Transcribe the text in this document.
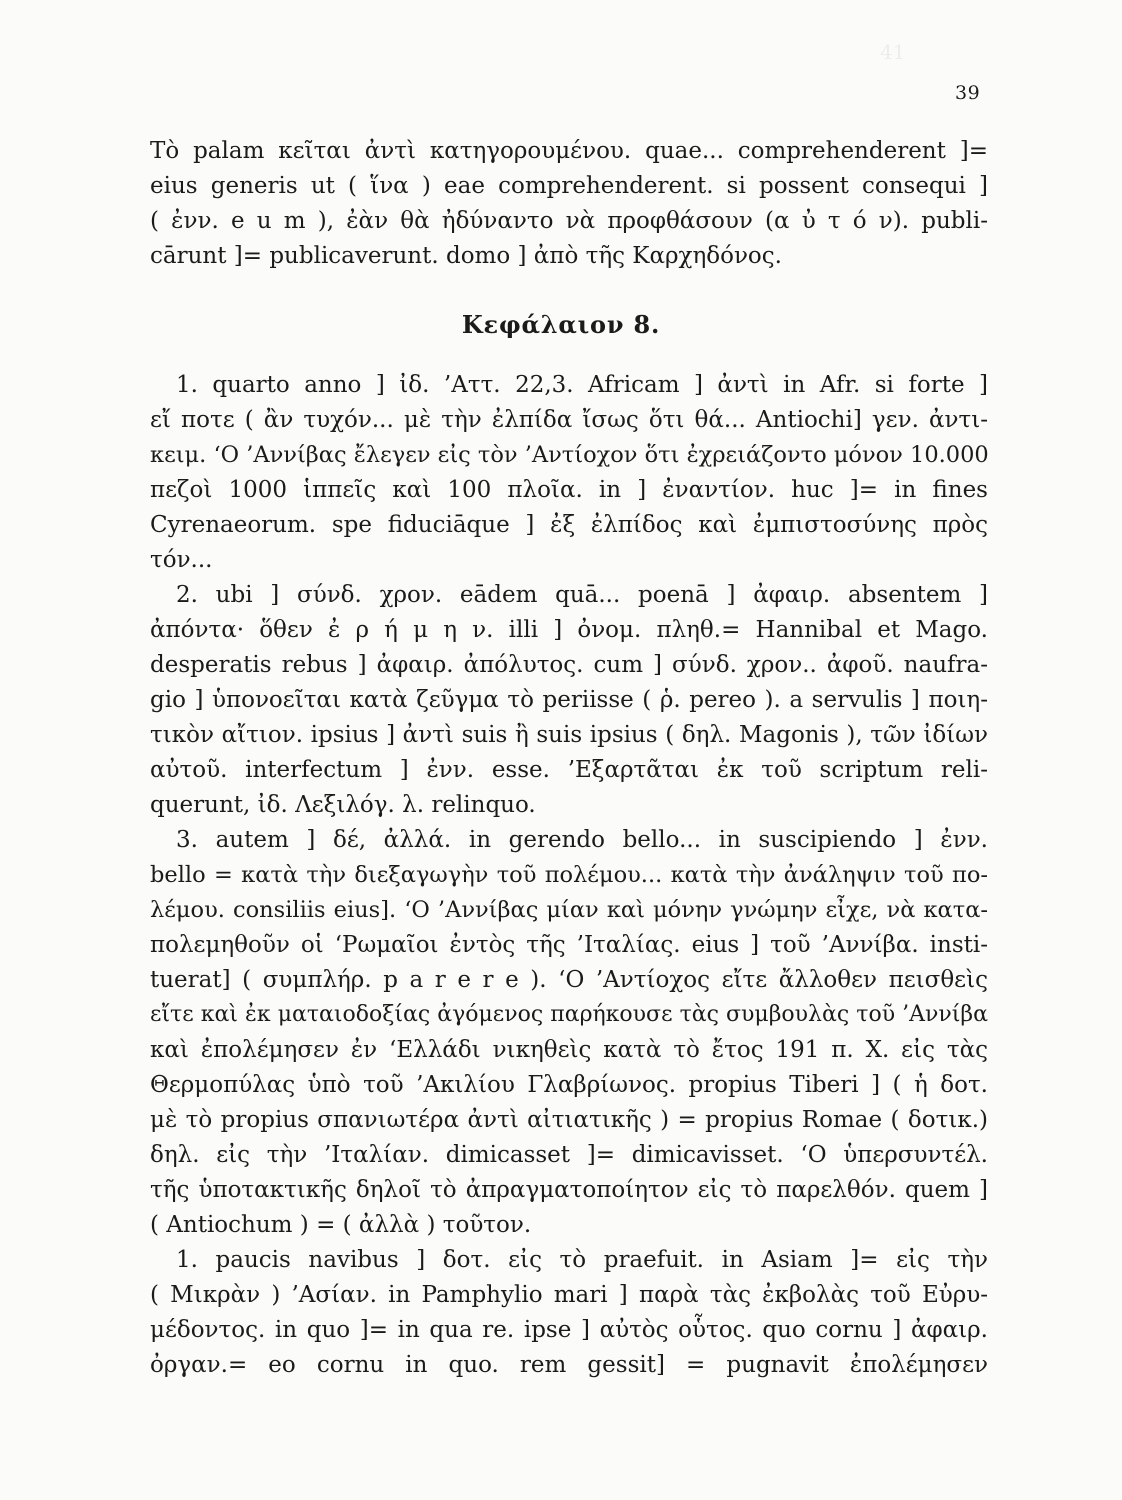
41
39
Τὸ palam κεῖται ἀντὶ κατηγορουμένου. quae... comprehenderent ]=
eius generis ut ( ἵνα ) eae comprehenderent. si possent consequi ]
( ἐνν. e u m ), ἐὰν θὰ ἠδύναντο νὰ προφθάσουν (α ὐ τ ό ν). publi-
cārunt ]= publicaverunt. domo ] ἀπὸ τῆς Καρχηδόνος.
Κεφάλαιον 8.
1. quarto anno ] ἰδ. ’Αττ. 22,3. Africam ] ἀντὶ in Afr. si forte ]
εἴ ποτε ( ἂν τυχόν... μὲ τὴν ἐλπίδα ἴσως ὅτι θά... Antiochi] γεν. ἀντι-
κειμ. ‘Ο ’Αννίβας ἔλεγεν εἰς τὸν ’Αντίοχον ὅτι ἐχρειάζοντο μόνον 10.000
πεζοὶ 1000 ἱππεῖς καὶ 100 πλοῖα. in ] ἐναντίον. huc ]= in fines
Cyrenaeorum. spe fiduciāque ] ἐξ ἐλπίδος καὶ ἐμπιστοσύνης πρὸς
τόν...
2. ubi ] σύνδ. χρον. eādem quā... poenā ] ἀφαιρ. absentem ]
ἀπόντα· ὅθεν ἐ ρ ή μ η ν. illi ] ὀνομ. πληθ.= Hannibal et Mago.
desperatis rebus ] ἀφαιρ. ἀπόλυτος. cum ] σύνδ. χρον.. ἀφοῦ. naufra-
gio ] ὑπονοεῖται κατὰ ζεῦγμα τὸ periisse ( ῥ. pereo ). a servulis ] ποιη-
τικὸν αἴτιον. ipsius ] ἀντὶ suis ἢ suis ipsius ( δηλ. Magonis ), τῶν ἰδίων
αὐτοῦ. interfectum ] ἐνν. esse. ’Εξαρτᾶται ἐκ τοῦ scriptum reli-
querunt, ἰδ. Λεξιλόγ. λ. relinquo.
3. autem ] δέ, ἀλλά. in gerendo bello... in suscipiendo ] ἐνν.
bello = κατὰ τὴν διεξαγωγὴν τοῦ πολέμου... κατὰ τὴν ἀνάληψιν τοῦ πο-
λέμου. consiliis eius]. ‘Ο ’Αννίβας μίαν καὶ μόνην γνώμην εἶχε, νὰ κατα-
πολεμηθοῦν οἱ ‘Ρωμαῖοι ἐντὸς τῆς ’Ιταλίας. eius ] τοῦ ’Αννίβα. insti-
tuerat] ( συμπλήρ. p a r e r e ). ‘Ο ’Αντίοχος εἴτε ἄλλοθεν πεισθεὶς
εἴτε καὶ ἐκ ματαιοδοξίας ἀγόμενος παρήκουσε τὰς συμβουλὰς τοῦ ’Αννίβα
καὶ ἐπολέμησεν ἐν ‘Ελλάδι νικηθεὶς κατὰ τὸ ἔτος 191 π. Χ. εἰς τὰς
Θερμοπύλας ὑπὸ τοῦ ’Ακιλίου Γλαβρίωνος. propius Tiberi ] ( ἡ δοτ.
μὲ τὸ propius σπανιωτέρα ἀντὶ αἰτιατικῆς ) = propius Romae ( δοτικ.)
δηλ. εἰς τὴν ’Ιταλίαν. dimicasset ]= dimicavisset. ‘Ο ὑπερσυντέλ.
τῆς ὑποτακτικῆς δηλοῖ τὸ ἀπραγματοποίητον εἰς τὸ παρελθόν. quem ]
( Antiochum ) = ( ἀλλὰ ) τοῦτον.
1. paucis navibus ] δοτ. εἰς τὸ praefuit. in Asiam ]= εἰς τὴν
( Μικρὰν ) ’Ασίαν. in Pamphylio mari ] παρὰ τὰς ἐκβολὰς τοῦ Εὐρυ-
μέδοντος. in quo ]= in qua re. ipse ] αὐτὸς οὗτος. quo cornu ] ἀφαιρ.
ὀργαν.= eo cornu in quo. rem gessit] = pugnavit ἐπολέμησεν
